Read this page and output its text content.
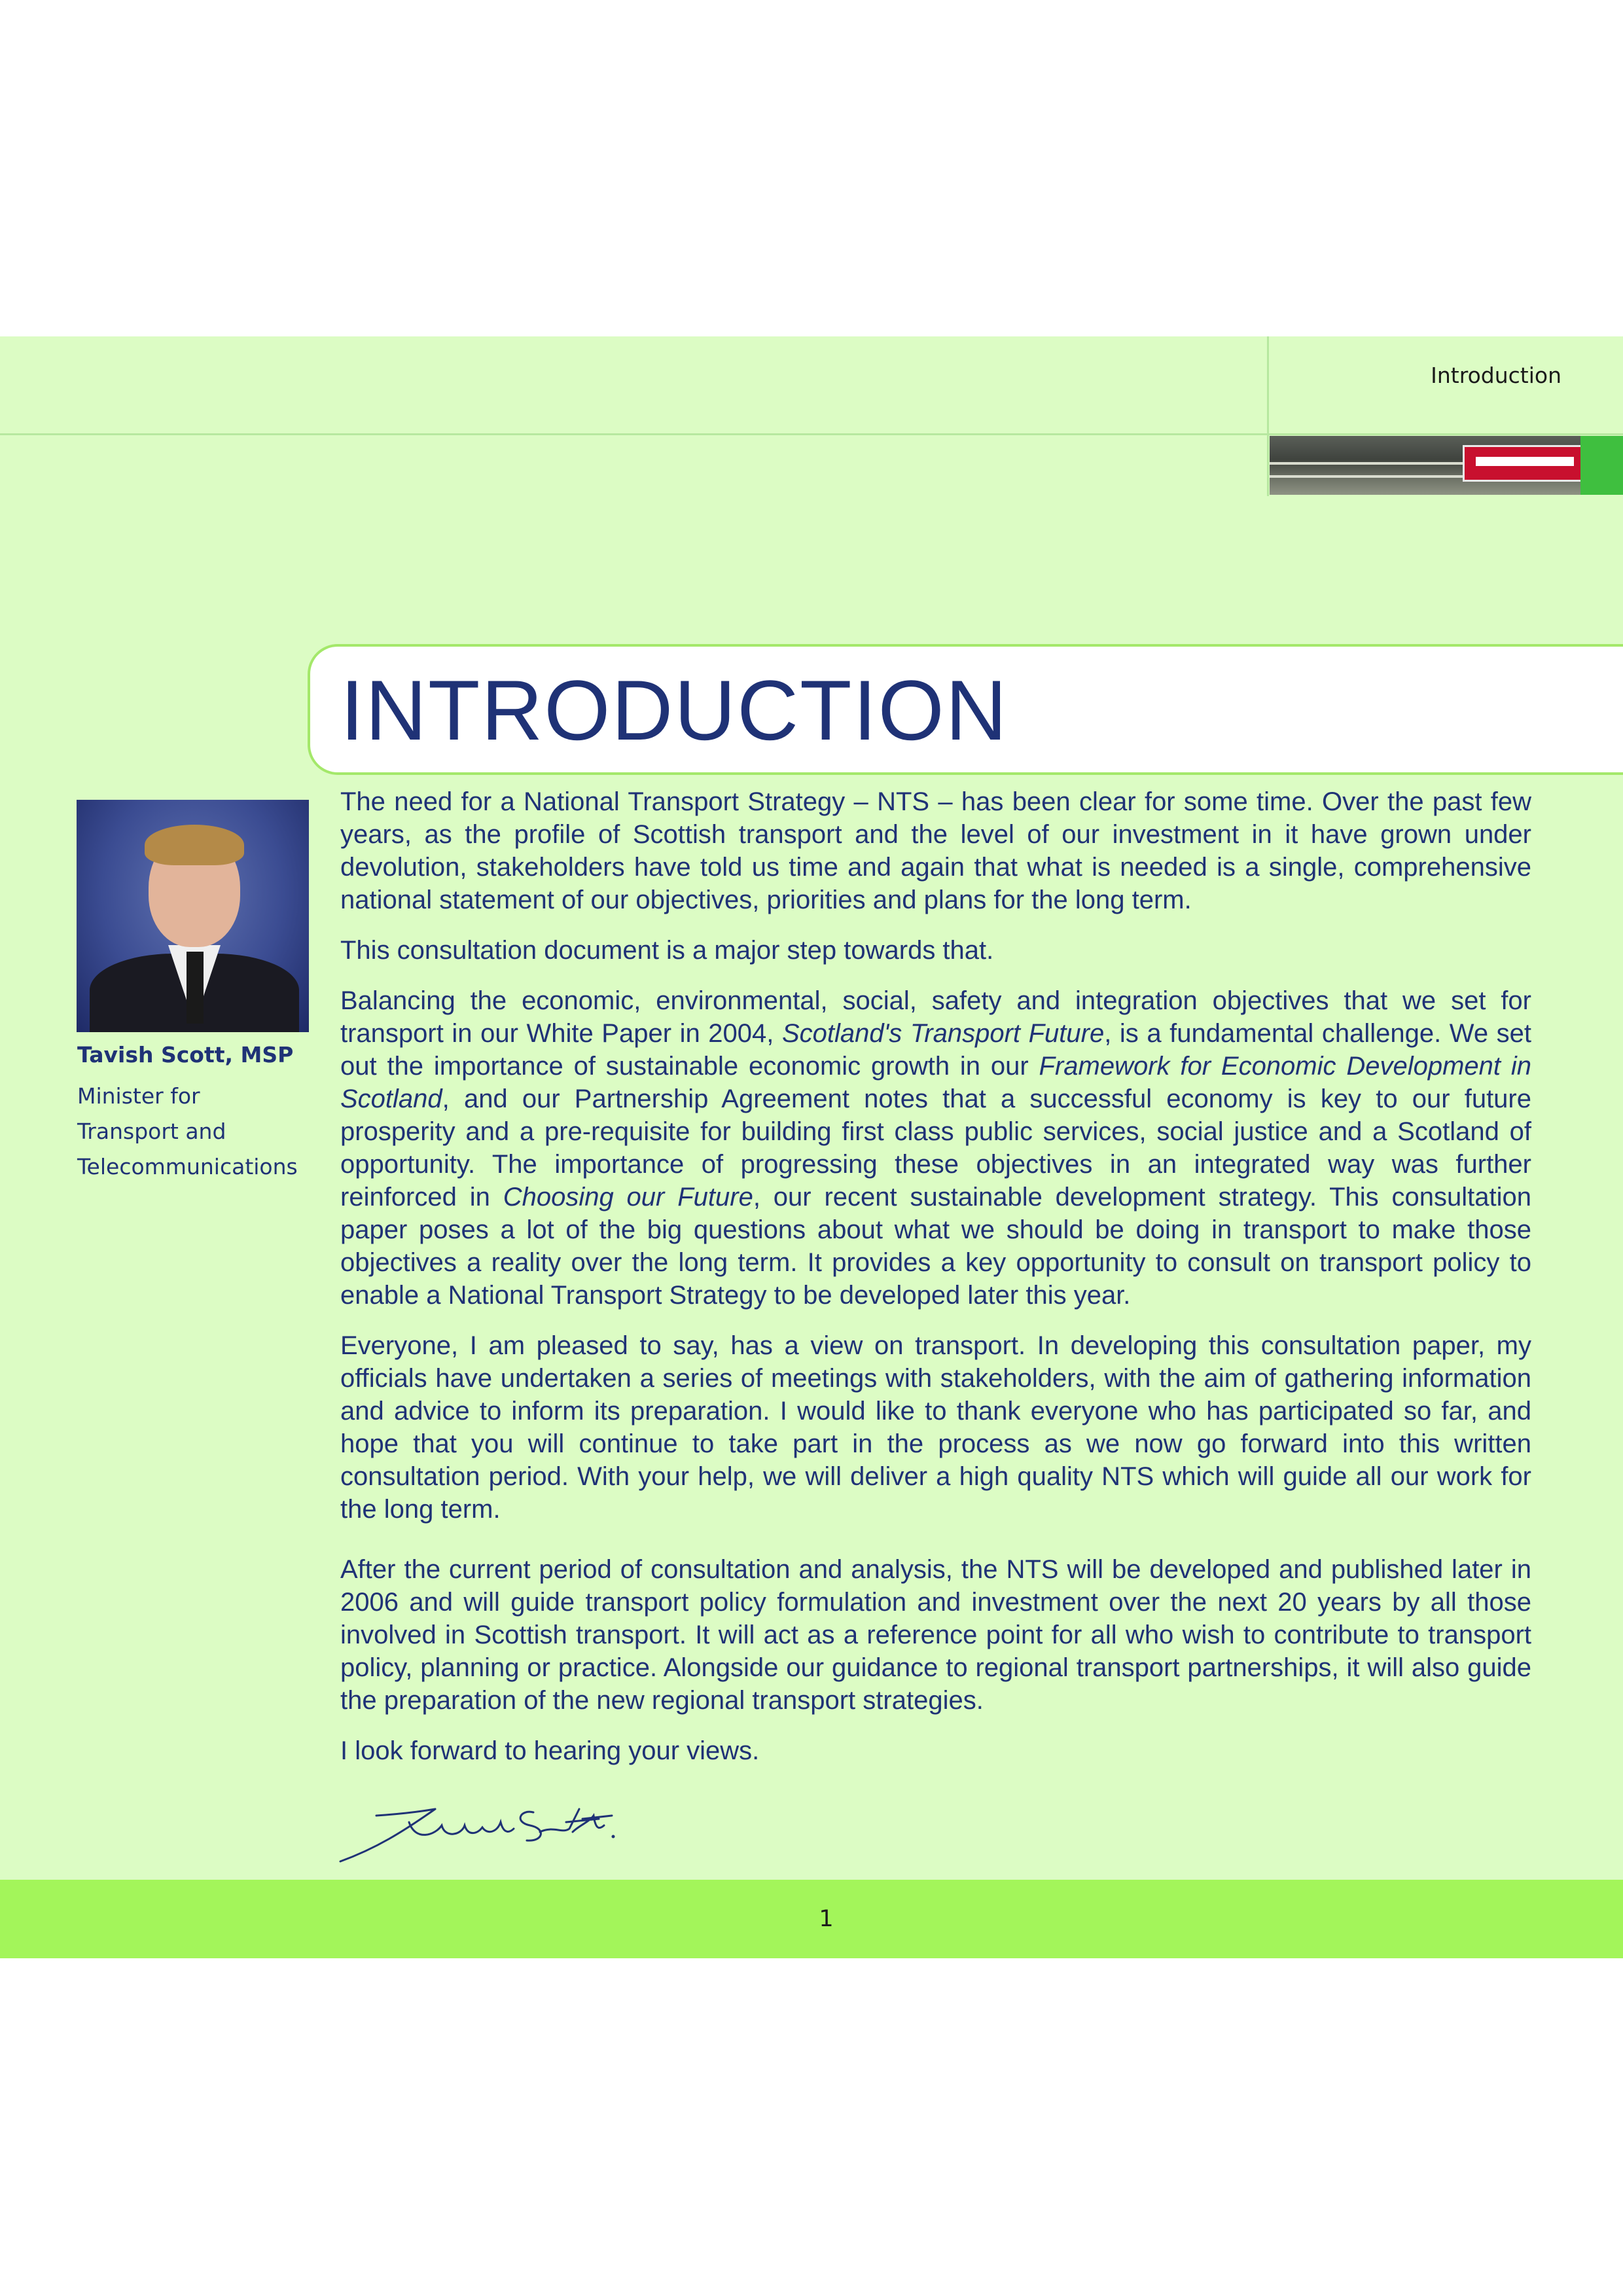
Introduction
INTRODUCTION
Tavish Scott, MSP
Minister for
Transport and
Telecommunications

The need for a National Transport Strategy – NTS – has been clear for some time. Over the past few years, as the profile of Scottish transport and the level of our investment in it have grown under devolution, stakeholders have told us time and again that what is needed is a single, comprehensive national statement of our objectives, priorities and plans for the long term.

This consultation document is a major step towards that.

Balancing the economic, environmental, social, safety and integration objectives that we set for transport in our White Paper in 2004, Scotland's Transport Future, is a fundamental challenge. We set out the importance of sustainable economic growth in our Framework for Economic Development in Scotland, and our Partnership Agreement notes that a successful economy is key to our future prosperity and a pre-requisite for building first class public services, social justice and a Scotland of opportunity. The importance of progressing these objectives in an integrated way was further reinforced in Choosing our Future, our recent sustainable development strategy. This consultation paper poses a lot of the big questions about what we should be doing in transport to make those objectives a reality over the long term. It provides a key opportunity to consult on transport policy to enable a National Transport Strategy to be developed later this year.

Everyone, I am pleased to say, has a view on transport. In developing this consultation paper, my officials have undertaken a series of meetings with stakeholders, with the aim of gathering information and advice to inform its preparation. I would like to thank everyone who has participated so far, and hope that you will continue to take part in the process as we now go forward into this written consultation period. With your help, we will deliver a high quality NTS which will guide all our work for the long term.

After the current period of consultation and analysis, the NTS will be developed and published later in 2006 and will guide transport policy formulation and investment over the next 20 years by all those involved in Scottish transport. It will act as a reference point for all who wish to contribute to transport policy, planning or practice. Alongside our guidance to regional transport partnerships, it will also guide the preparation of the new regional transport strategies.

I look forward to hearing your views.

1
